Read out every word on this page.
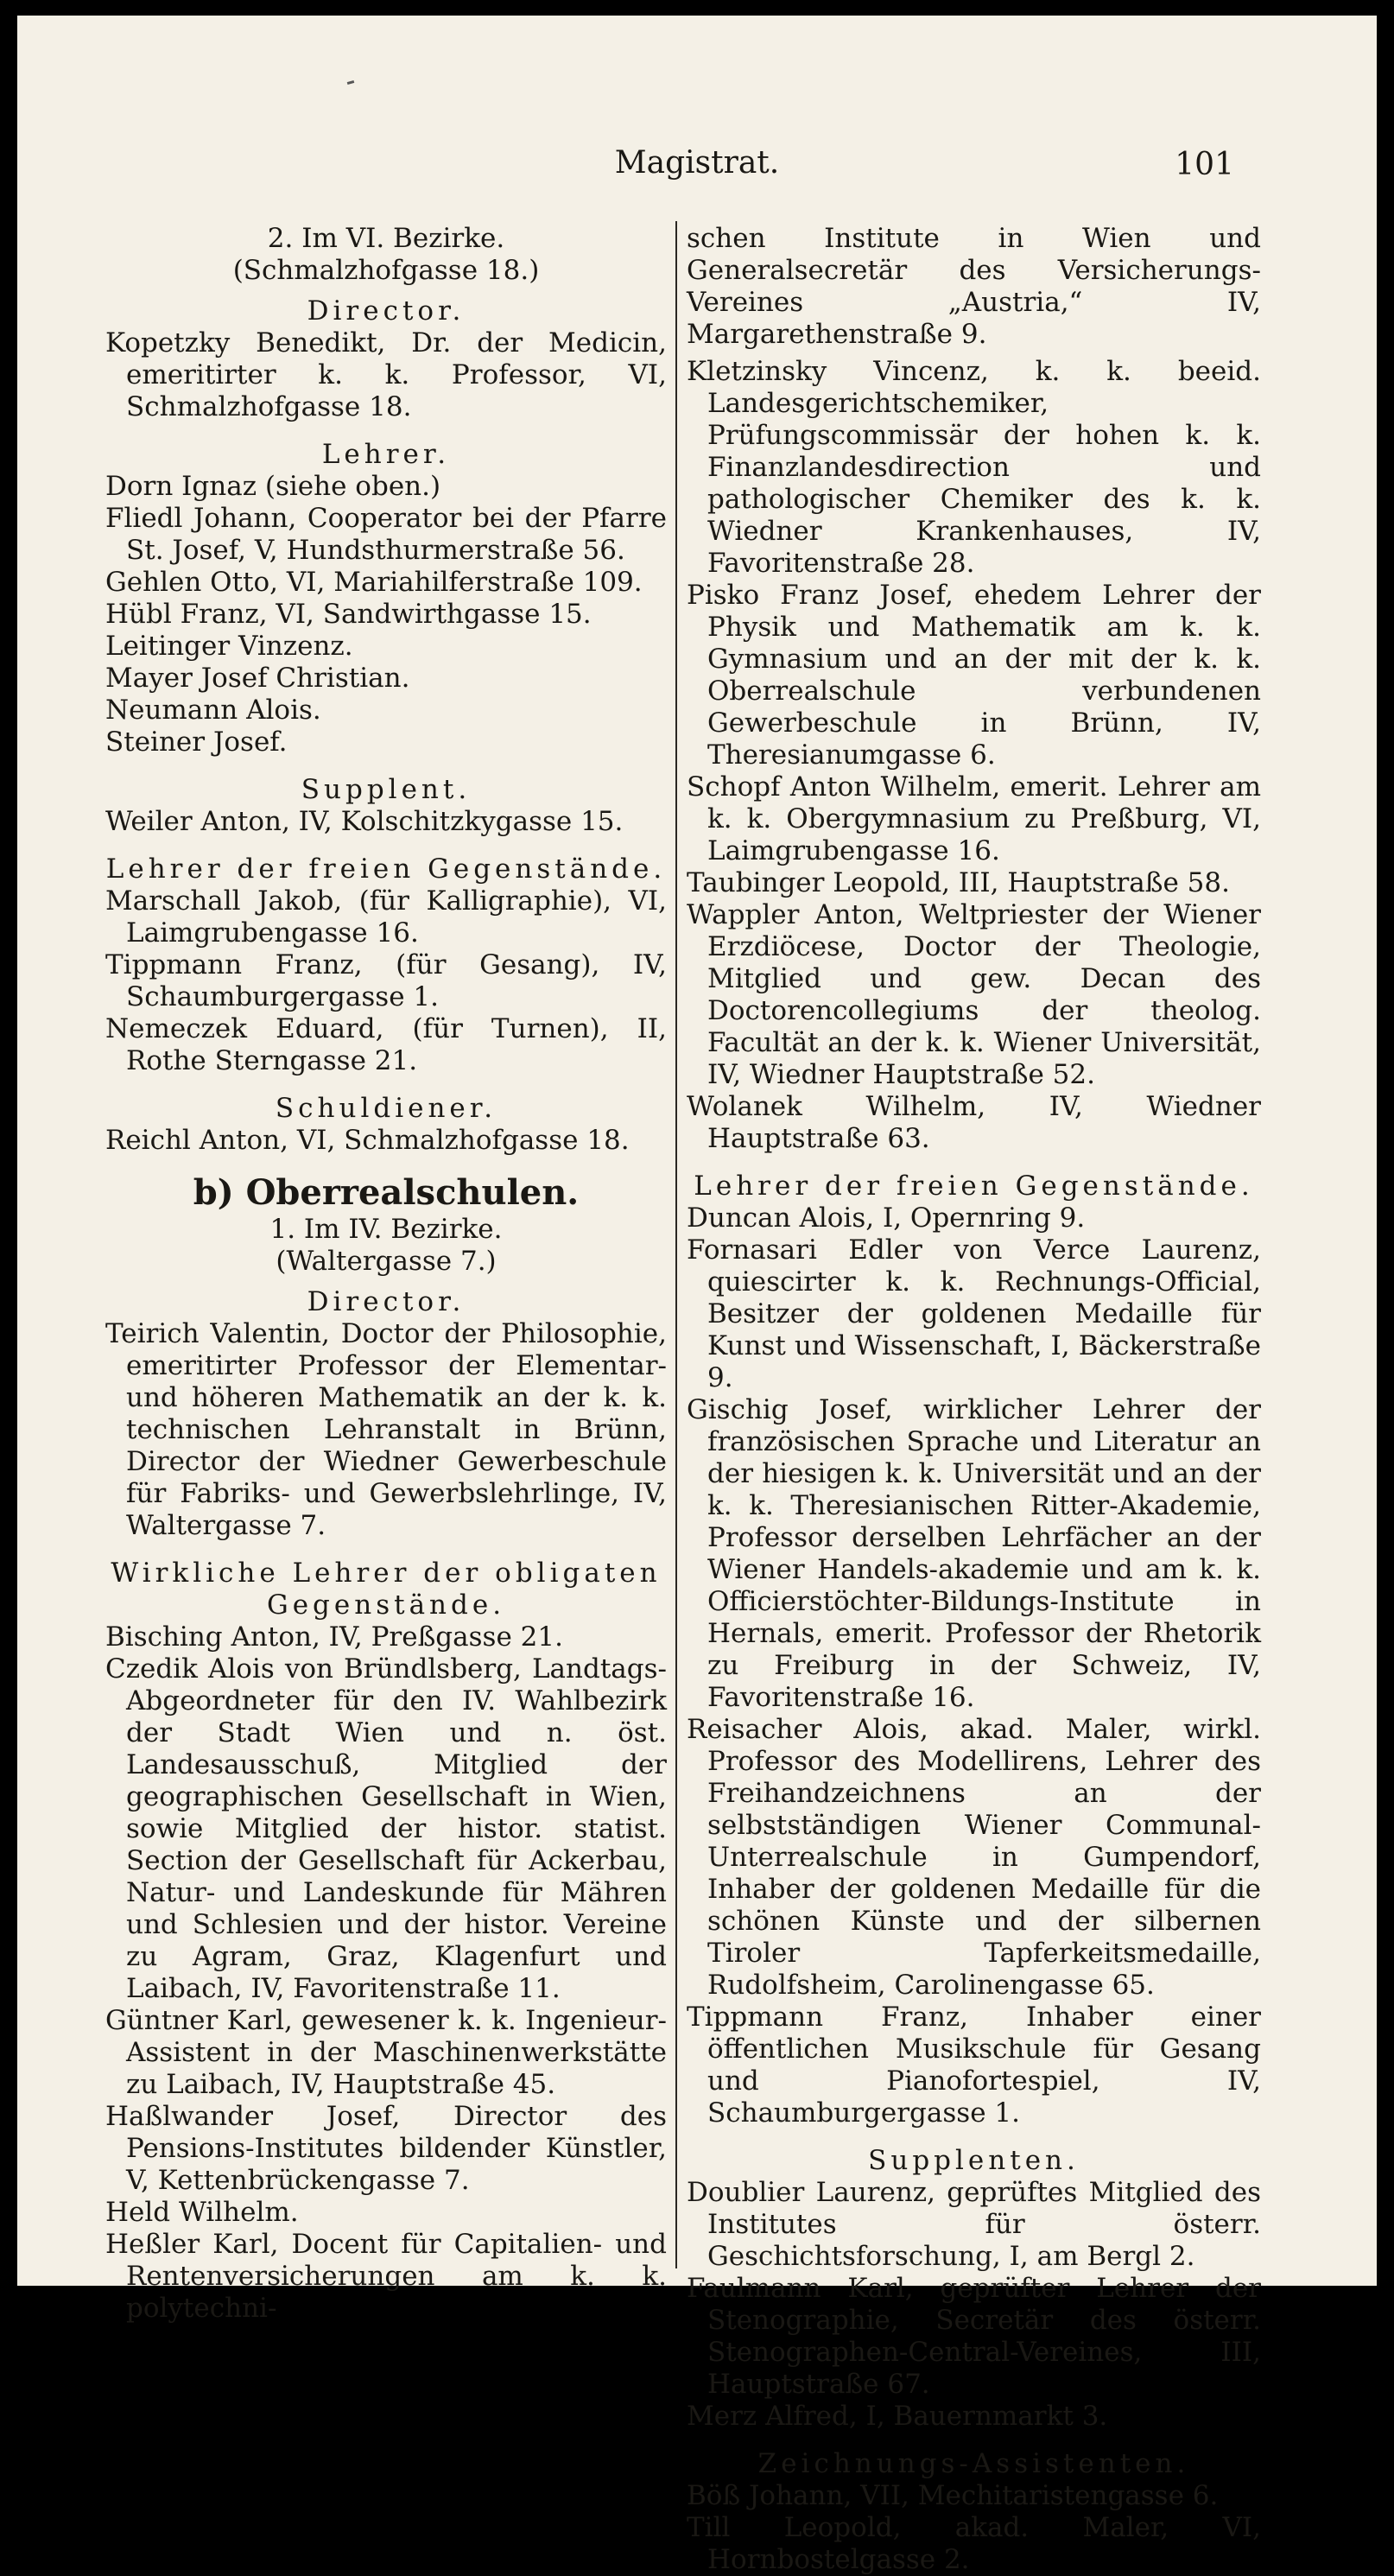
Magistrat.	101
2. Im VI. Bezirke.
(Schmalzhofgasse 18.)
Director.
Kopetzky Benedikt, Dr. der Medicin, emeritirter k. k. Professor, VI, Schmalzhofgasse 18.
Lehrer.
Dorn Ignaz (siehe oben.)
Fliedl Johann, Cooperator bei der Pfarre St. Josef, V, Hundsthurmerstraße 56.
Gehlen Otto, VI, Mariahilferstraße 109.
Hübl Franz, VI, Sandwirthgasse 15.
Leitinger Vinzenz.
Mayer Josef Christian.
Neumann Alois.
Steiner Josef.
Supplent.
Weiler Anton, IV, Kolschitzkygasse 15.
Lehrer der freien Gegenstände.
Marschall Jakob, (für Kalligraphie), VI, Laimgrubengasse 16.
Tippmann Franz, (für Gesang), IV, Schaumburgergasse 1.
Nemeczek Eduard, (für Turnen), II, Rothe Sterngasse 21.
Schuldiener.
Reichl Anton, VI, Schmalzhofgasse 18.
b) Oberrealschulen.
1. Im IV. Bezirke.
(Waltergasse 7.)
Director.
Teirich Valentin, Doctor der Philosophie, emeritirter Professor der Elementar- und höheren Mathematik an der k. k. technischen Lehranstalt in Brünn, Director der Wiedner Gewerbeschule für Fabriks- und Gewerbslehrlinge, IV, Waltergasse 7.
Wirkliche Lehrer der obligaten Gegenstände.
Bisching Anton, IV, Preßgasse 21.
Czedik Alois von Bründlsberg, Landtags-Abgeordneter für den IV. Wahlbezirk der Stadt Wien und n. öst. Landesausschuß, Mitglied der geographischen Gesellschaft in Wien, sowie Mitglied der histor. statist. Section der Gesellschaft für Ackerbau, Natur- und Landeskunde für Mähren und Schlesien und der histor. Vereine zu Agram, Graz, Klagenfurt und Laibach, IV, Favoritenstraße 11.
Güntner Karl, gewesener k. k. Ingenieur-Assistent in der Maschinenwerkstätte zu Laibach, IV, Hauptstraße 45.
Haßlwander Josef, Director des Pensions-Institutes bildender Künstler, V, Kettenbrückengasse 7.
Held Wilhelm.
Heßler Karl, Docent für Capitalien- und Rentenversicherungen am k. k. polytechni-
schen Institute in Wien und Generalsecretär des Versicherungs-Vereines „Austria,“ IV, Margarethenstraße 9.
Kletzinsky Vincenz, k. k. beeid. Landesgerichtschemiker, Prüfungscommissär der hohen k. k. Finanzlandesdirection und pathologischer Chemiker des k. k. Wiedner Krankenhauses, IV, Favoritenstraße 28.
Pisko Franz Josef, ehedem Lehrer der Physik und Mathematik am k. k. Gymnasium und an der mit der k. k. Oberrealschule verbundenen Gewerbeschule in Brünn, IV, Theresianumgasse 6.
Schopf Anton Wilhelm, emerit. Lehrer am k. k. Obergymnasium zu Preßburg, VI, Laimgrubengasse 16.
Taubinger Leopold, III, Hauptstraße 58.
Wappler Anton, Weltpriester der Wiener Erzdiöcese, Doctor der Theologie, Mitglied und gew. Decan des Doctorencollegiums der theolog. Facultät an der k. k. Wiener Universität, IV, Wiedner Hauptstraße 52.
Wolanek Wilhelm, IV, Wiedner Hauptstraße 63.
Lehrer der freien Gegenstände.
Duncan Alois, I, Opernring 9.
Fornasari Edler von Verce Laurenz, quiescirter k. k. Rechnungs-Official, Besitzer der goldenen Medaille für Kunst und Wissenschaft, I, Bäckerstraße 9.
Gischig Josef, wirklicher Lehrer der französischen Sprache und Literatur an der hiesigen k. k. Universität und an der k. k. Theresianischen Ritter-Akademie, Professor derselben Lehrfächer an der Wiener Handels-akademie und am k. k. Officierstöchter-Bildungs-Institute in Hernals, emerit. Professor der Rhetorik zu Freiburg in der Schweiz, IV, Favoritenstraße 16.
Reisacher Alois, akad. Maler, wirkl. Professor des Modellirens, Lehrer des Freihandzeichnens an der selbstständigen Wiener Communal-Unterrealschule in Gumpendorf, Inhaber der goldenen Medaille für die schönen Künste und der silbernen Tiroler Tapferkeitsmedaille, Rudolfsheim, Carolinengasse 65.
Tippmann Franz, Inhaber einer öffentlichen Musikschule für Gesang und Pianofortespiel, IV, Schaumburgergasse 1.
Supplenten.
Doublier Laurenz, geprüftes Mitglied des Institutes für österr. Geschichtsforschung, I, am Bergl 2.
Faulmann Karl, geprüfter Lehrer der Stenographie, Secretär des österr. Stenographen-Central-Vereines, III, Hauptstraße 67.
Merz Alfred, I, Bauernmarkt 3.
Zeichnungs-Assistenten.
Böß Johann, VII, Mechitaristengasse 6.
Till Leopold, akad. Maler, VI, Hornbostelgasse 2.
